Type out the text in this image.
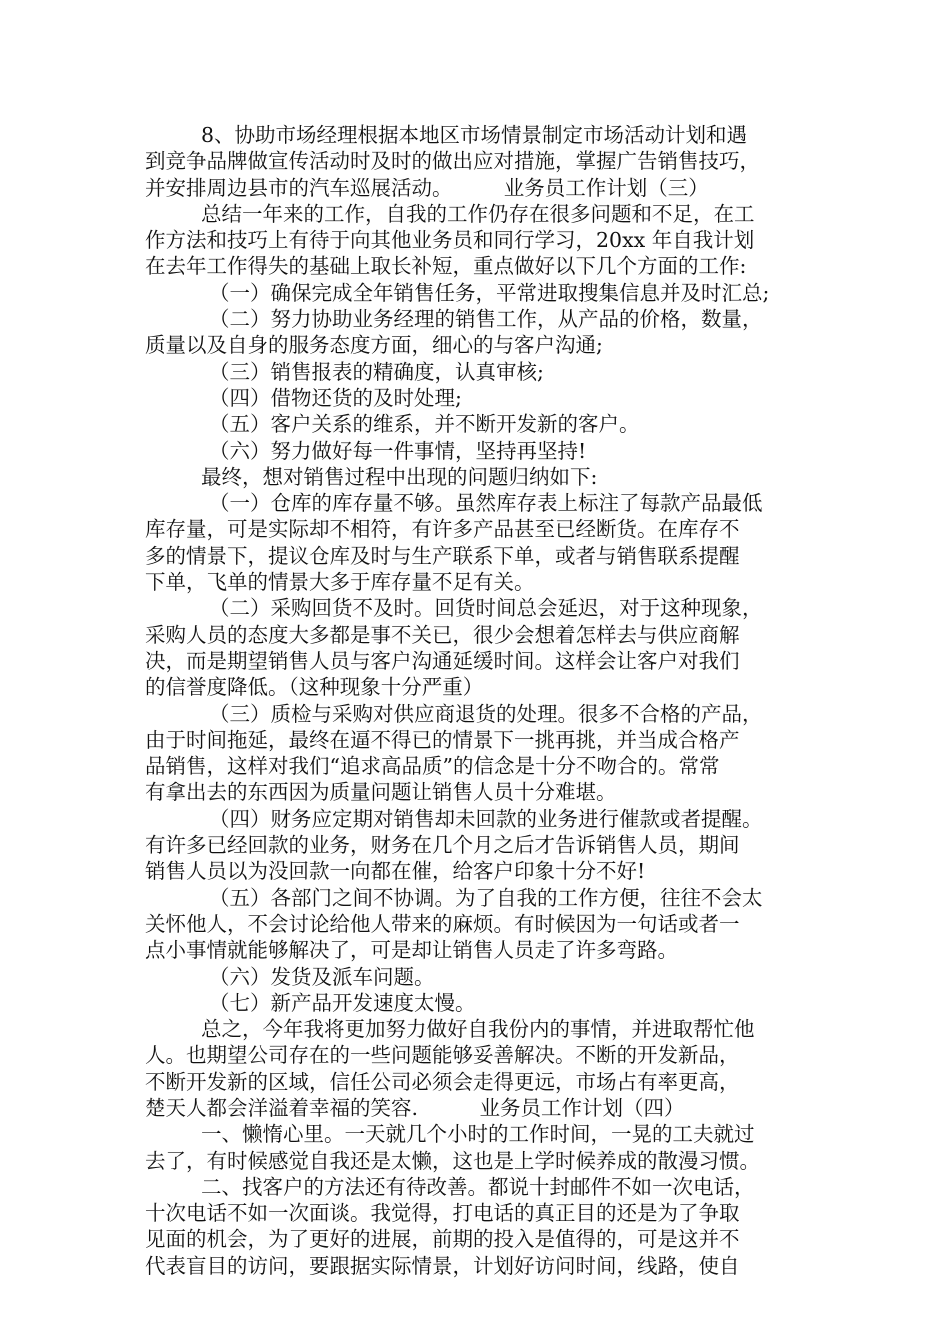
8、协助市场经理根据本地区市场情景制定市场活动计划和遇
到竞争品牌做宣传活动时及时的做出应对措施，掌握广告销售技巧，
并安排周边县市的汽车巡展活动。　　　业务员工作计划（三）
总结一年来的工作，自我的工作仍存在很多问题和不足，在工
作方法和技巧上有待于向其他业务员和同行学习，20xx 年自我计划
在去年工作得失的基础上取长补短，重点做好以下几个方面的工作:
（一）确保完成全年销售任务，平常进取搜集信息并及时汇总;
（二）努力协助业务经理的销售工作，从产品的价格，数量，
质量以及自身的服务态度方面，细心的与客户沟通;
（三）销售报表的精确度，认真审核;
（四）借物还货的及时处理;
（五）客户关系的维系，并不断开发新的客户。
（六）努力做好每一件事情，坚持再坚持!
最终，想对销售过程中出现的问题归纳如下:
（一）仓库的库存量不够。虽然库存表上标注了每款产品最低
库存量，可是实际却不相符，有许多产品甚至已经断货。在库存不
多的情景下，提议仓库及时与生产联系下单，或者与销售联系提醒
下单，飞单的情景大多于库存量不足有关。
（二）采购回货不及时。回货时间总会延迟，对于这种现象，
采购人员的态度大多都是事不关已，很少会想着怎样去与供应商解
决，而是期望销售人员与客户沟通延缓时间。这样会让客户对我们
的信誉度降低。（这种现象十分严重）
（三）质检与采购对供应商退货的处理。很多不合格的产品，
由于时间拖延，最终在逼不得已的情景下一挑再挑，并当成合格产
品销售，这样对我们“追求高品质”的信念是十分不吻合的。常常
有拿出去的东西因为质量问题让销售人员十分难堪。
（四）财务应定期对销售却未回款的业务进行催款或者提醒。
有许多已经回款的业务，财务在几个月之后才告诉销售人员，期间
销售人员以为没回款一向都在催，给客户印象十分不好!
（五）各部门之间不协调。为了自我的工作方便，往往不会太
关怀他人，不会讨论给他人带来的麻烦。有时候因为一句话或者一
点小事情就能够解决了，可是却让销售人员走了许多弯路。
（六）发货及派车问题。
（七）新产品开发速度太慢。
总之，今年我将更加努力做好自我份内的事情，并进取帮忙他
人。也期望公司存在的一些问题能够妥善解决。不断的开发新品，
不断开发新的区域，信任公司必须会走得更远，市场占有率更高，
楚天人都会洋溢着幸福的笑容.　　　业务员工作计划（四）
一、懒惰心里。一天就几个小时的工作时间，一晃的工夫就过
去了，有时候感觉自我还是太懒，这也是上学时候养成的散漫习惯。
二、找客户的方法还有待改善。都说十封邮件不如一次电话，
十次电话不如一次面谈。我觉得，打电话的真正目的还是为了争取
见面的机会，为了更好的进展，前期的投入是值得的，可是这并不
代表盲目的访问，要跟据实际情景，计划好访问时间，线路，使自
